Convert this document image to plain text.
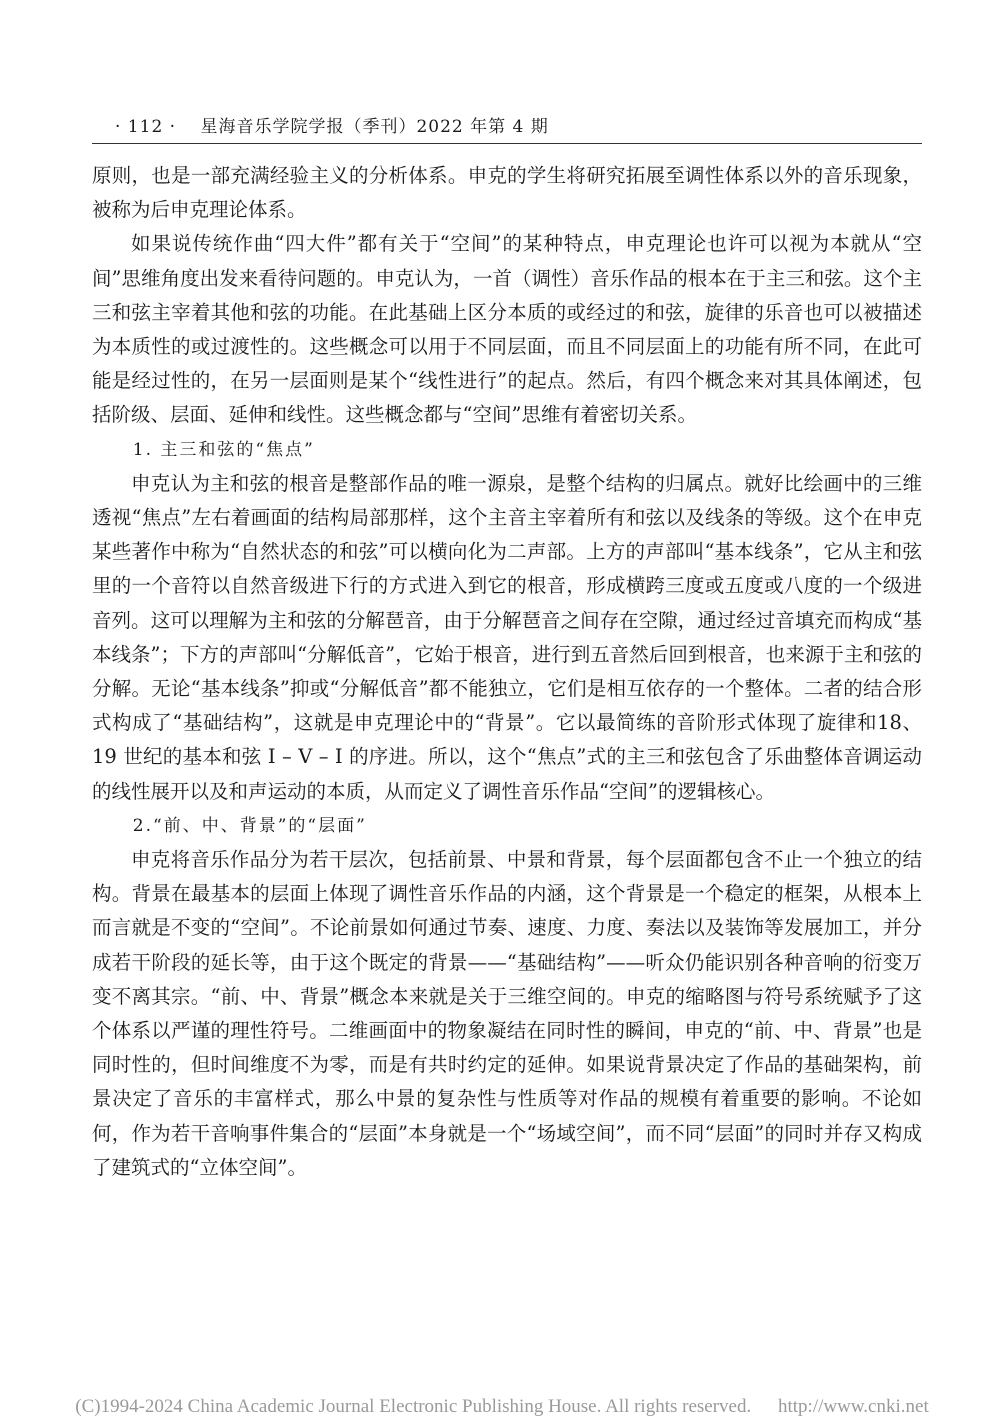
· 112 · 星海音乐学院学报（季刊）2022 年第 4 期

原则，也是一部充满经验主义的分析体系。申克的学生将研究拓展至调性体系以外的音乐现象，被称为后申克理论体系。

如果说传统作曲“四大件”都有关于“空间”的某种特点，申克理论也许可以视为本就从“空间”思维角度出发来看待问题的。申克认为，一首（调性）音乐作品的根本在于主三和弦。这个主三和弦主宰着其他和弦的功能。在此基础上区分本质的或经过的和弦，旋律的乐音也可以被描述为本质性的或过渡性的。这些概念可以用于不同层面，而且不同层面上的功能有所不同，在此可能是经过性的，在另一层面则是某个“线性进行”的起点。然后，有四个概念来对其具体阐述，包括阶级、层面、延伸和线性。这些概念都与“空间”思维有着密切关系。

1. 主三和弦的“焦点”

申克认为主和弦的根音是整部作品的唯一源泉，是整个结构的归属点。就好比绘画中的三维透视“焦点”左右着画面的结构局部那样，这个主音主宰着所有和弦以及线条的等级。这个在申克某些著作中称为“自然状态的和弦”可以横向化为二声部。上方的声部叫“基本线条”，它从主和弦里的一个音符以自然音级进下行的方式进入到它的根音，形成横跨三度或五度或八度的一个级进音列。这可以理解为主和弦的分解琶音，由于分解琶音之间存在空隙，通过经过音填充而构成“基本线条”；下方的声部叫“分解低音”，它始于根音，进行到五音然后回到根音，也来源于主和弦的分解。无论“基本线条”抑或“分解低音”都不能独立，它们是相互依存的一个整体。二者的结合形式构成了“基础结构”，这就是申克理论中的“背景”。它以最简练的音阶形式体现了旋律和18、19 世纪的基本和弦 I – V – I 的序进。所以，这个“焦点”式的主三和弦包含了乐曲整体音调运动的线性展开以及和声运动的本质，从而定义了调性音乐作品“空间”的逻辑核心。

2.“前、中、背景”的“层面”

申克将音乐作品分为若干层次，包括前景、中景和背景，每个层面都包含不止一个独立的结构。背景在最基本的层面上体现了调性音乐作品的内涵，这个背景是一个稳定的框架，从根本上而言就是不变的“空间”。不论前景如何通过节奏、速度、力度、奏法以及装饰等发展加工，并分成若干阶段的延长等，由于这个既定的背景——“基础结构”——听众仍能识别各种音响的衍变万变不离其宗。“前、中、背景”概念本来就是关于三维空间的。申克的缩略图与符号系统赋予了这个体系以严谨的理性符号。二维画面中的物象凝结在同时性的瞬间，申克的“前、中、背景”也是同时性的，但时间维度不为零，而是有共时约定的延伸。如果说背景决定了作品的基础架构，前景决定了音乐的丰富样式，那么中景的复杂性与性质等对作品的规模有着重要的影响。不论如何，作为若干音响事件集合的“层面”本身就是一个“场域空间”，而不同“层面”的同时并存又构成了建筑式的“立体空间”。

(C)1994-2024 China Academic Journal Electronic Publishing House. All rights reserved. http://www.cnki.net
